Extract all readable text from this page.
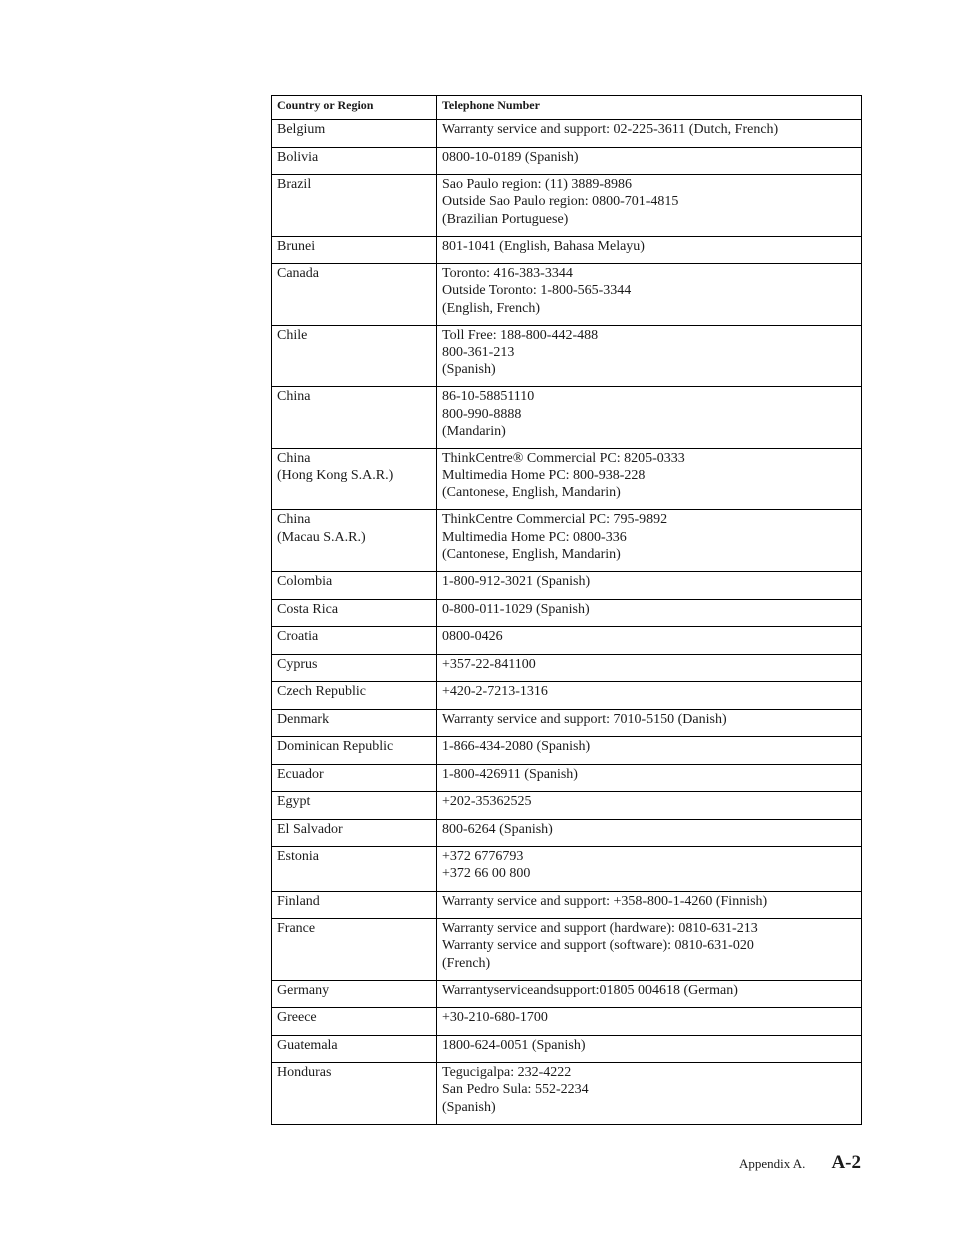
Country or Region	Telephone Number

Belgium	Warranty service and support: 02-225-3611 (Dutch, French)

Bolivia	0800-10-0189 (Spanish)

Brazil	Sao Paulo region: (11) 3889-8986
Outside Sao Paulo region: 0800-701-4815
(Brazilian Portuguese)

Brunei	801-1041 (English, Bahasa Melayu)

Canada	Toronto: 416-383-3344
Outside Toronto: 1-800-565-3344
(English, French)

Chile	Toll Free: 188-800-442-488
800-361-213
(Spanish)

China	86-10-58851110
800-990-8888
(Mandarin)

China
(Hong Kong S.A.R.)	ThinkCentre® Commercial PC: 8205-0333
Multimedia Home PC: 800-938-228
(Cantonese, English, Mandarin)

China
(Macau S.A.R.)	ThinkCentre Commercial PC: 795-9892
Multimedia Home PC: 0800-336
(Cantonese, English, Mandarin)

Colombia	1-800-912-3021 (Spanish)

Costa Rica	0-800-011-1029 (Spanish)

Croatia	0800-0426

Cyprus	+357-22-841100

Czech Republic	+420-2-7213-1316

Denmark	Warranty service and support: 7010-5150 (Danish)

Dominican Republic	1-866-434-2080 (Spanish)

Ecuador	1-800-426911 (Spanish)

Egypt	+202-35362525

El Salvador	800-6264 (Spanish)

Estonia	+372 6776793
+372 66 00 800

Finland	Warranty service and support: +358-800-1-4260 (Finnish)

France	Warranty service and support (hardware): 0810-631-213
Warranty service and support (software): 0810-631-020
(French)

Germany	Warrantyserviceandsupport:01805 004618 (German)

Greece	+30-210-680-1700

Guatemala	1800-624-0051 (Spanish)

Honduras	Tegucigalpa: 232-4222
San Pedro Sula: 552-2234
(Spanish)
Appendix A. A-2
